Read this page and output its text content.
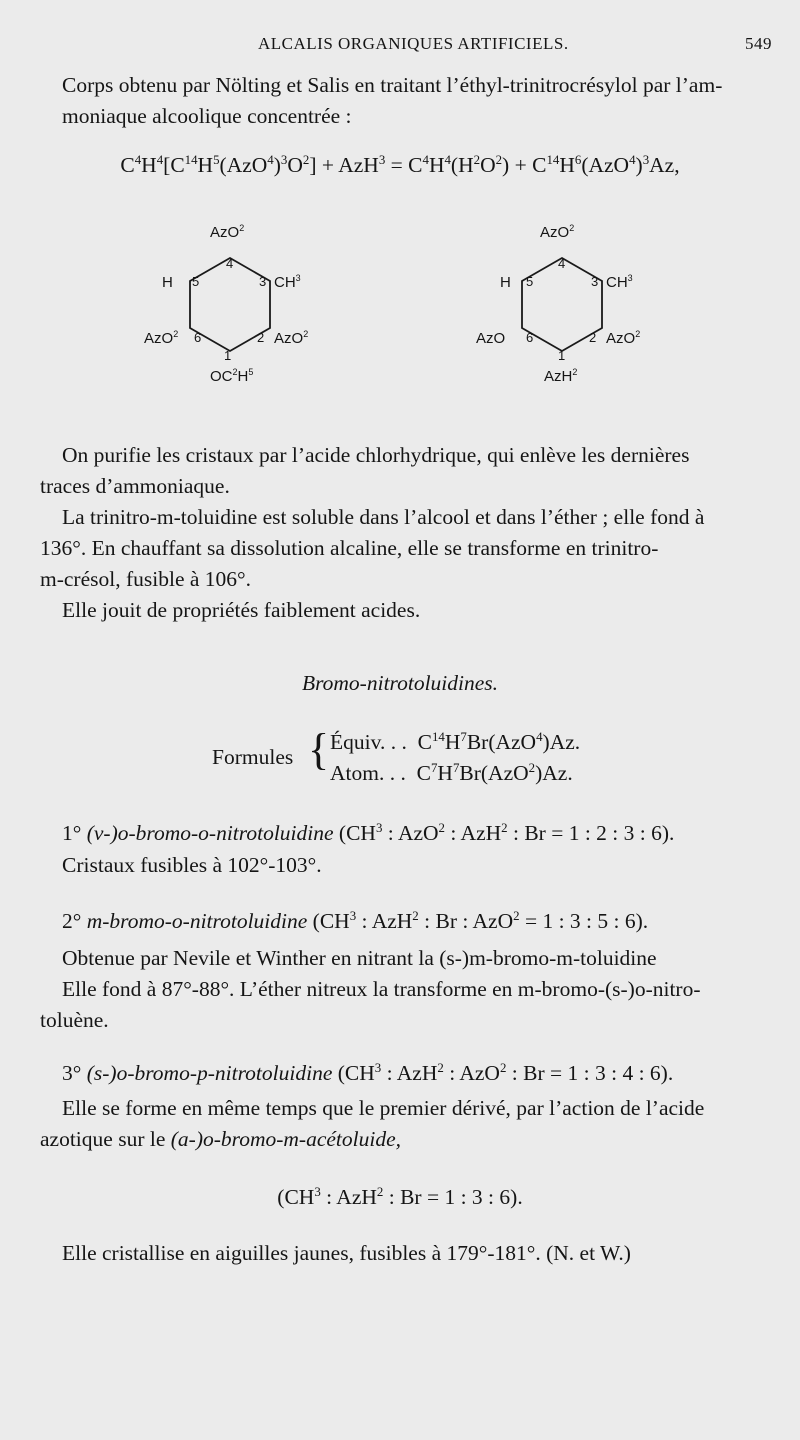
ALCALIS ORGANIQUES ARTIFICIELS.	549
Corps obtenu par Nölting et Salis en traitant l’éthyl-trinitrocrésylol par l’am-
moniaque alcoolique concentrée :
$C^4H^4[C^{14}H^5(AzO^4)^3O^2] + AzH^3 = C^4H^4(H^2O^2) + C^{14}H^6(AzO^4)^3Az$,
AzO$^2$
4
H 5	3 $CH^3$
AzO$^2$ 6	2 AzO$^2$
1
$OC^2H^5$
AzO$^2$
4
H 5	3 $CH^3$
AzO 6	2 AzO$^2$
1
AzH$^2$
On purifie les cristaux par l’acide chlorhydrique, qui enlève les dernières
traces d’ammoniaque.
La trinitro-m-toluidine est soluble dans l’alcool et dans l’éther ; elle fond à
136°. En chauffant sa dissolution alcaline, elle se transforme en trinitro-
m-crésol, fusible à 106°.
Elle jouit de propriétés faiblement acides.
Bromo-nitrotoluidines.
Formules { Équiv. . . $C^{14}H^7Br(AzO^4)Az$.
Atom. . . $C^7H^7Br(AzO^2)Az$.
1° (v-)o-bromo-o-nitrotoluidine ($CH^3$ : AzO$^2$ : AzH$^2$ : Br = 1 : 2 : 3 : 6).
Cristaux fusibles à 102°-103°.
2° m-bromo-o-nitrotoluidine ($CH^3$ : AzH$^2$ : Br : AzO$^2$ = 1 : 3 : 5 : 6).
Obtenue par Nevile et Winther en nitrant la (s-)m-bromo-m-toluidine
Elle fond à 87°-88°. L’éther nitreux la transforme en m-bromo-(s-)o-nitro-
toluène.
3° (s-)o-bromo-p-nitrotoluidine ($CH^3$ : AzH$^2$ : AzO$^2$ : Br = 1 : 3 : 4 : 6).
Elle se forme en même temps que le premier dérivé, par l’action de l’acide
azotique sur le (a-)o-bromo-m-acétoluide,
($CH^3$ : AzH$^2$ : Br = 1 : 3 : 6).
Elle cristallise en aiguilles jaunes, fusibles à 179°-181°. (N. et W.)
